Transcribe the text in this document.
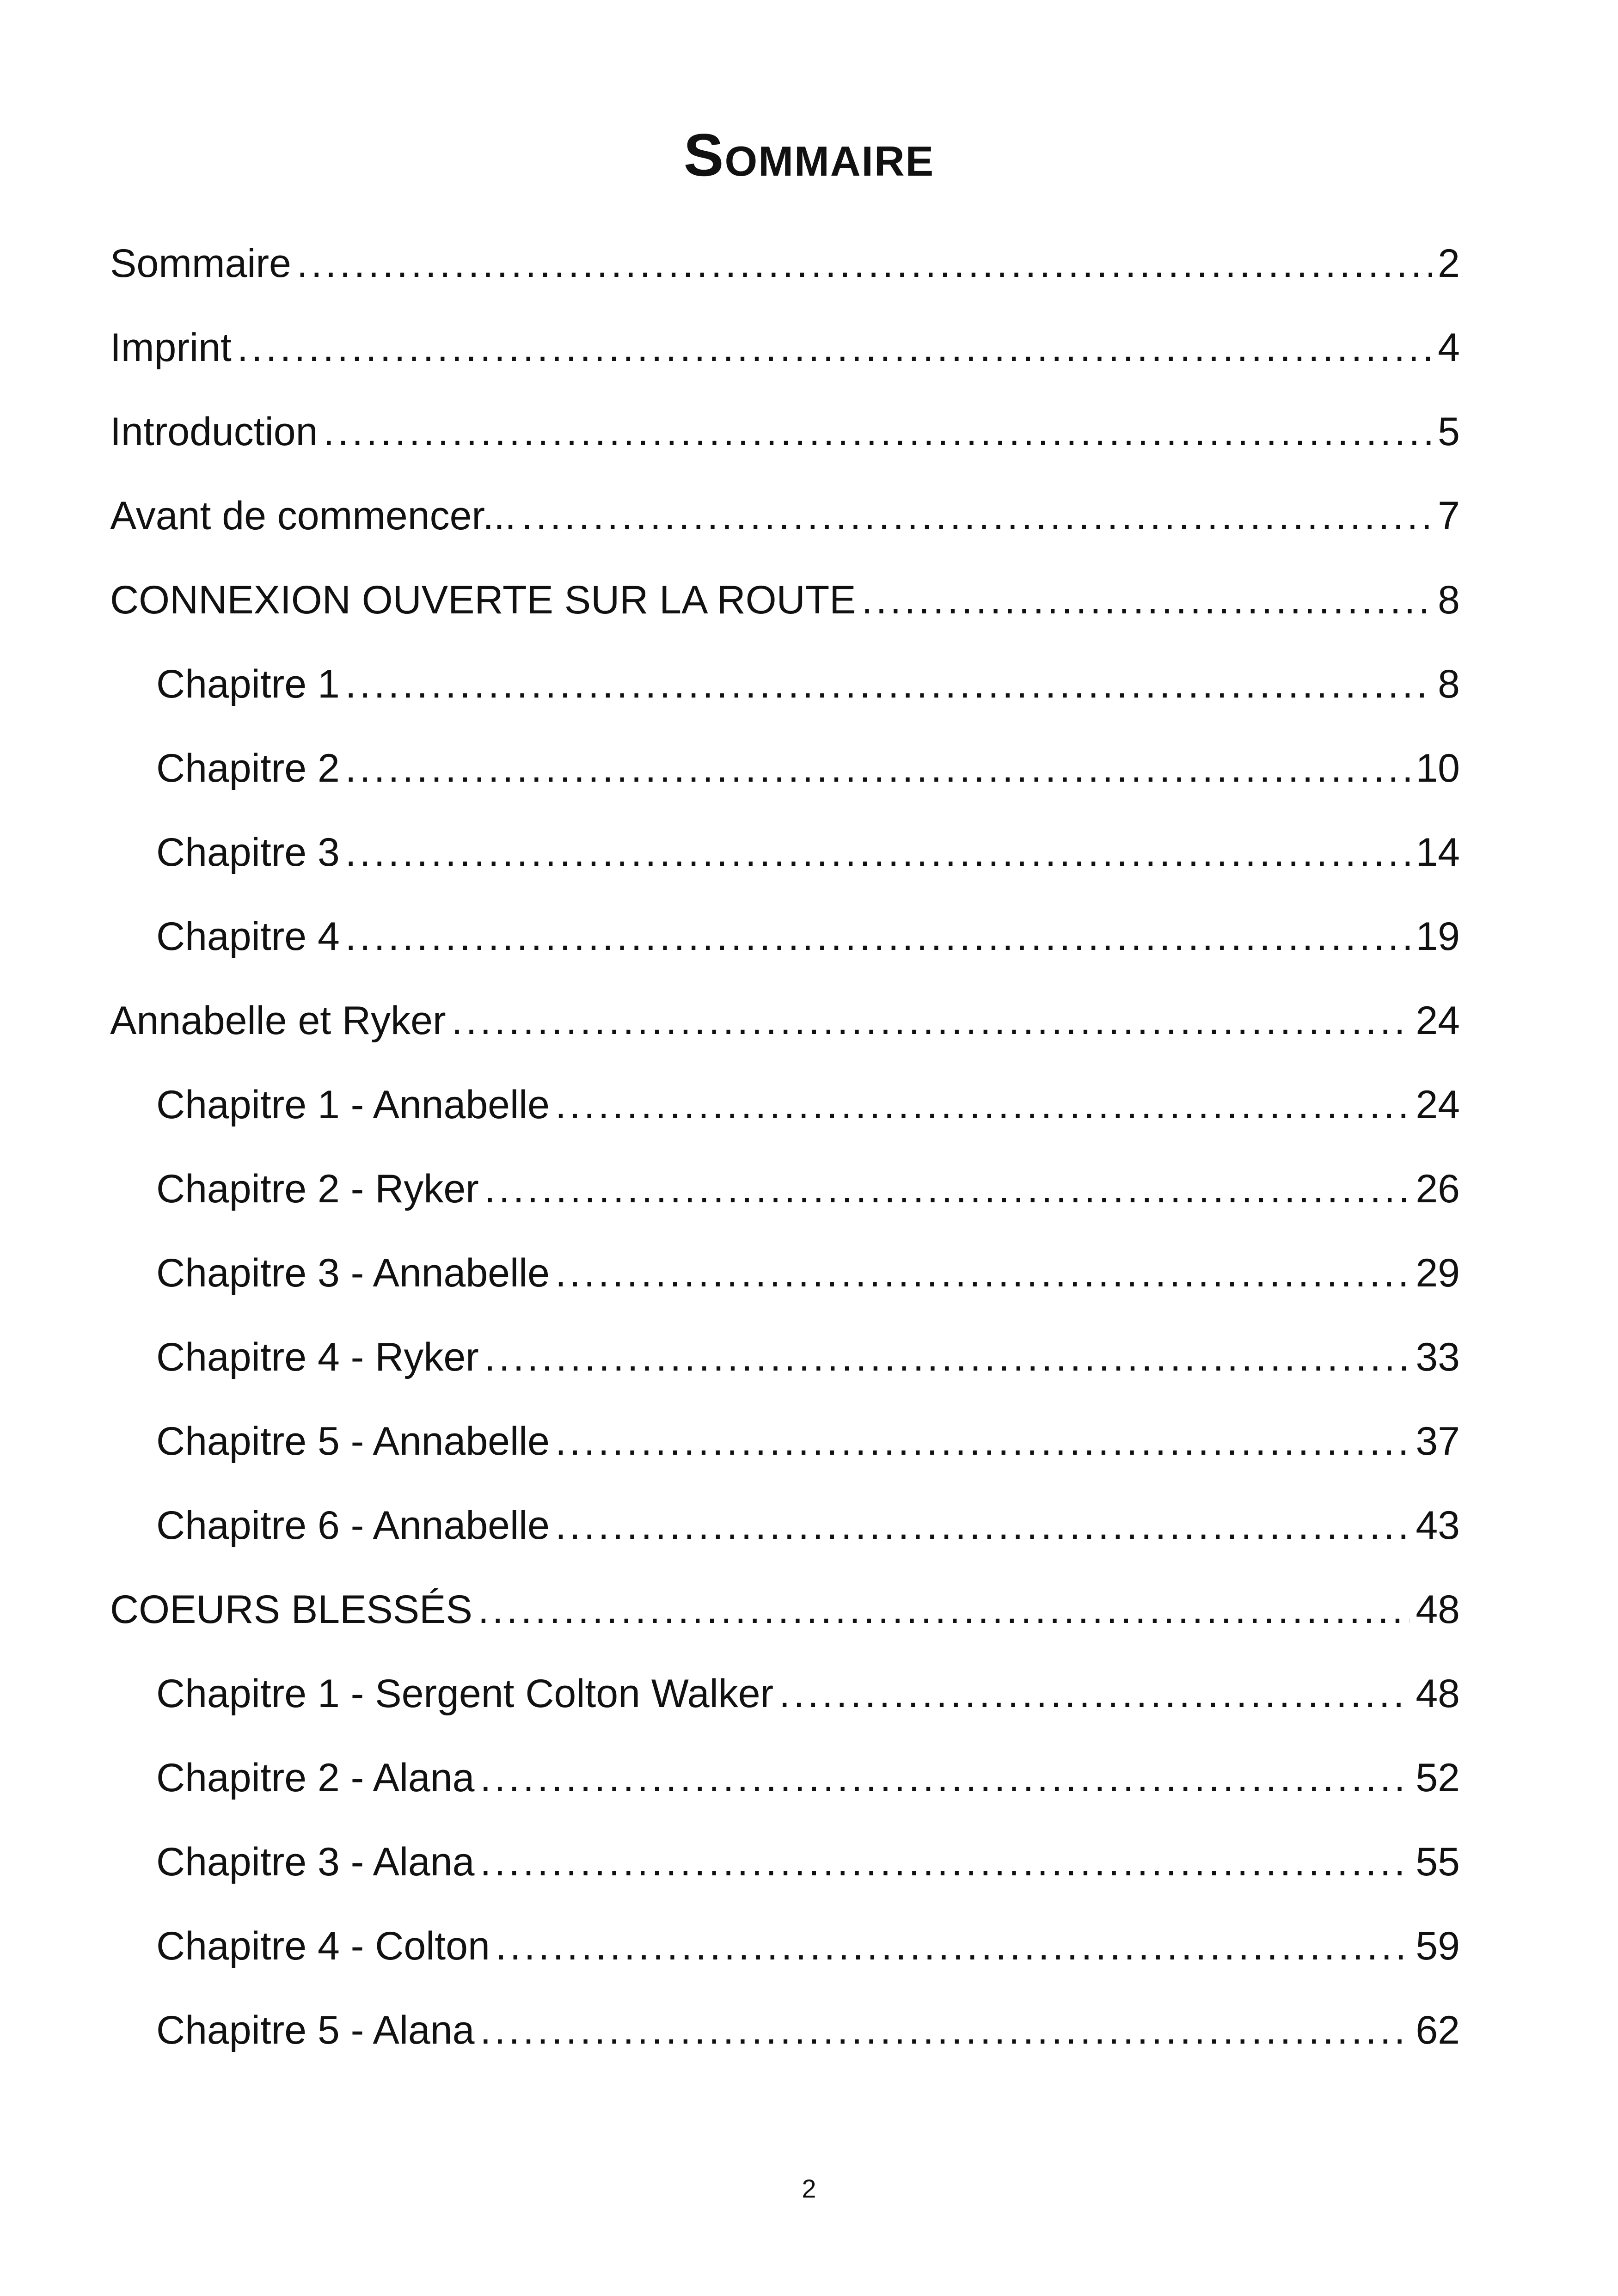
Sommaire
Sommaire .....	2
Imprint .....	4
Introduction .....	5
Avant de commencer... .....	7
CONNEXION OUVERTE SUR LA ROUTE .....	8
Chapitre 1 .....	8
Chapitre 2 .....	10
Chapitre 3 .....	14
Chapitre 4 .....	19
Annabelle et Ryker .....	24
Chapitre 1 - Annabelle .....	24
Chapitre 2 - Ryker .....	26
Chapitre 3 - Annabelle .....	29
Chapitre 4 - Ryker .....	33
Chapitre 5 - Annabelle .....	37
Chapitre 6 - Annabelle .....	43
COEURS BLESSÉS .....	48
Chapitre 1 - Sergent Colton Walker .....	48
Chapitre 2 - Alana .....	52
Chapitre 3 - Alana .....	55
Chapitre 4 - Colton .....	59
Chapitre 5 - Alana .....	62
2
